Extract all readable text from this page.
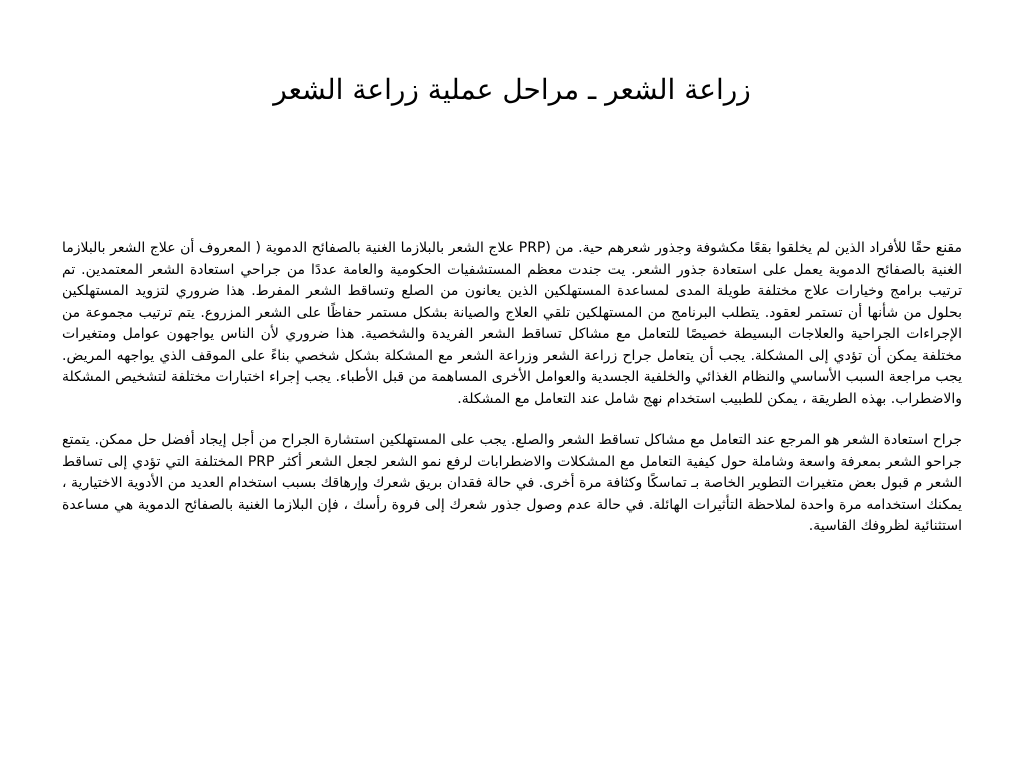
زراعة الشعر ـ مراحل عملية زراعة الشعر

مقنع حقًا للأفراد الذين لم يخلقوا بقعًا مكشوفة وجذور شعرهم حية. من (PRP علاج الشعر بالبلازما الغنية بالصفائح الدموية ( المعروف أن علاج الشعر بالبلازما الغنية بالصفائح الدموية يعمل على استعادة جذور الشعر. يت جندت معظم المستشفيات الحكومية والعامة عددًا من جراحي استعادة الشعر المعتمدين. تم ترتيب برامج وخيارات علاج مختلفة طويلة المدى لمساعدة المستهلكين الذين يعانون من الصلع وتساقط الشعر المفرط. هذا ضروري لتزويد المستهلكين بحلول من شأنها أن تستمر لعقود. يتطلب البرنامج من المستهلكين تلقي العلاج والصيانة بشكل مستمر حفاظًا على الشعر المزروع. يتم ترتيب مجموعة من الإجراءات الجراحية والعلاجات البسيطة خصيصًا للتعامل مع مشاكل تساقط الشعر الفريدة والشخصية. هذا ضروري لأن الناس يواجهون عوامل ومتغيرات مختلفة يمكن أن تؤدي إلى المشكلة. يجب أن يتعامل جراح زراعة الشعر وزراعة الشعر مع المشكلة بشكل شخصي بناءً على الموقف الذي يواجهه المريض. يجب مراجعة السبب الأساسي والنظام الغذائي والخلفية الجسدية والعوامل الأخرى المساهمة من قبل الأطباء. يجب إجراء اختبارات مختلفة لتشخيص المشكلة والاضطراب. بهذه الطريقة ، يمكن للطبيب استخدام نهج شامل عند التعامل مع المشكلة.

جراح استعادة الشعر هو المرجع عند التعامل مع مشاكل تساقط الشعر والصلع. يجب على المستهلكين استشارة الجراح من أجل إيجاد أفضل حل ممكن. يتمتع جراحو الشعر بمعرفة واسعة وشاملة حول كيفية التعامل مع المشكلات والاضطرابات لرفع نمو الشعر لجعل الشعر أكثر PRP المختلفة التي تؤدي إلى تساقط الشعر م قبول بعض متغيرات التطوير الخاصة بـ تماسكًا وكثافة مرة أخرى. في حالة فقدان بريق شعرك وإرهاقك بسبب استخدام العديد من الأدوية الاختيارية ، يمكنك استخدامه مرة واحدة لملاحظة التأثيرات الهائلة. في حالة عدم وصول جذور شعرك إلى فروة رأسك ، فإن البلازما الغنية بالصفائح الدموية هي مساعدة استثنائية لظروفك القاسية.
